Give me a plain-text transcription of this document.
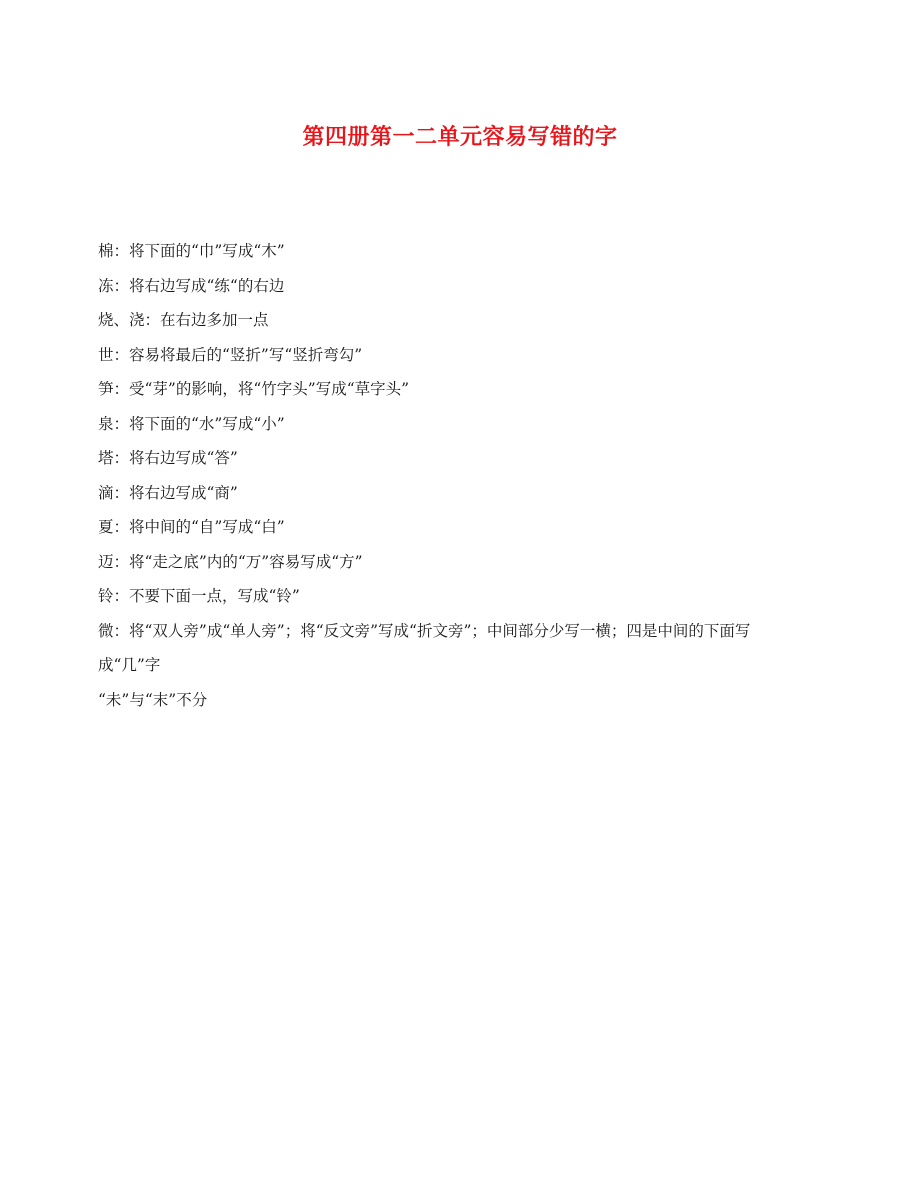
第四册第一二单元容易写错的字
棉：将下面的“巾”写成“木”
冻：将右边写成“练“的右边
烧、浇：在右边多加一点
世：容易将最后的“竖折”写“竖折弯勾”
笋：受“芽”的影响，将“竹字头”写成“草字头”
泉：将下面的“水”写成“小”
塔：将右边写成“答”
滴：将右边写成“商”
夏：将中间的“自”写成“白”
迈：将“走之底”内的“万”容易写成“方”
铃：不要下面一点，写成“铃”
微：将“双人旁”成“单人旁”；将“反文旁”写成“折文旁”；中间部分少写一横；四是中间的下面写成“几”字
“未”与“末”不分
